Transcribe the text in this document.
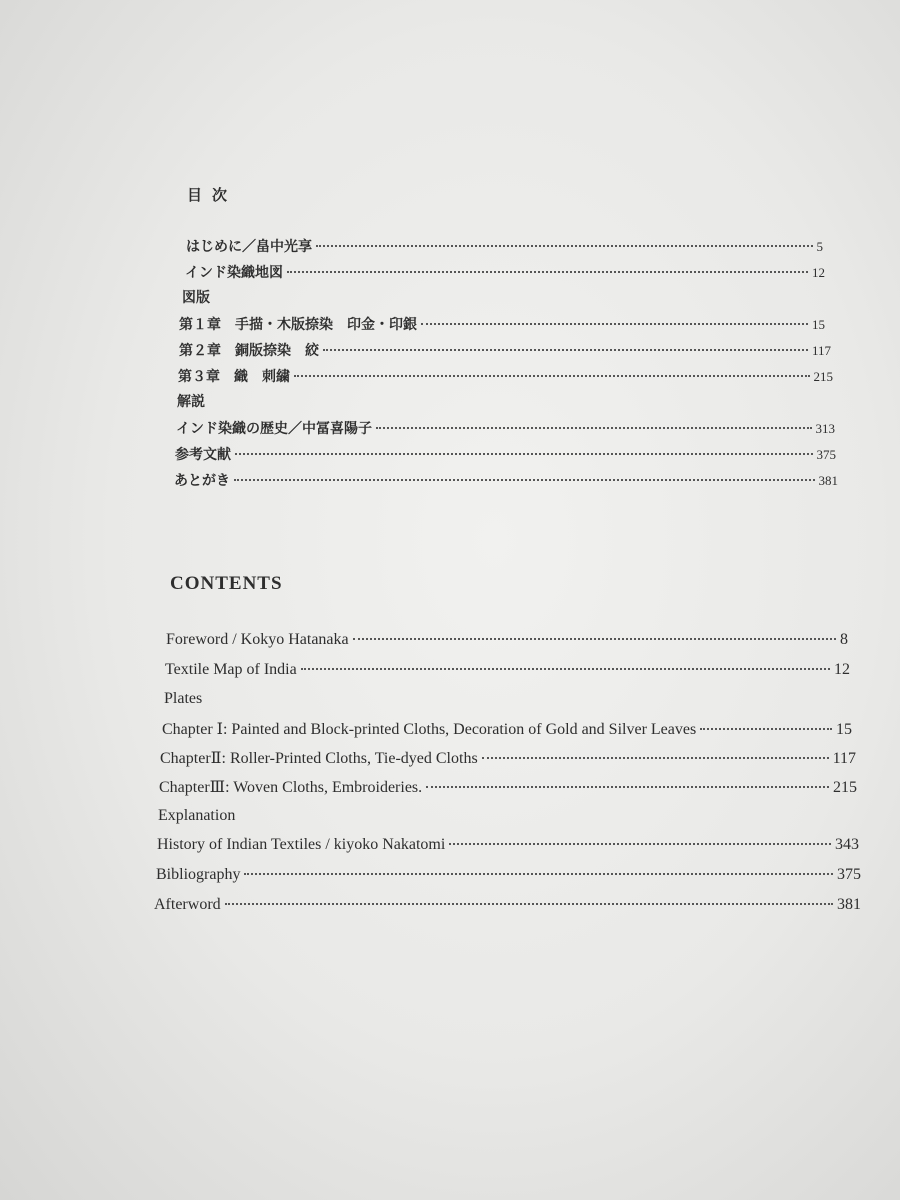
目次
はじめに／畠中光享	5
インド染織地図	12
図版
第１章　手描・木版捺染　印金・印銀	15
第２章　銅版捺染　絞	117
第３章　織　刺繍	215
解説
インド染織の歴史／中冨喜陽子	313
参考文献	375
あとがき	381
CONTENTS
Foreword / Kokyo Hatanaka	8
Textile Map of India	12
Plates
Chapter Ⅰ: Painted and Block-printed Cloths, Decoration of Gold and Silver Leaves	15
ChapterⅡ: Roller-Printed Cloths, Tie-dyed Cloths	117
ChapterⅢ: Woven Cloths, Embroideries.	215
Explanation
History of Indian Textiles / kiyoko Nakatomi	343
Bibliography	375
Afterword	381
